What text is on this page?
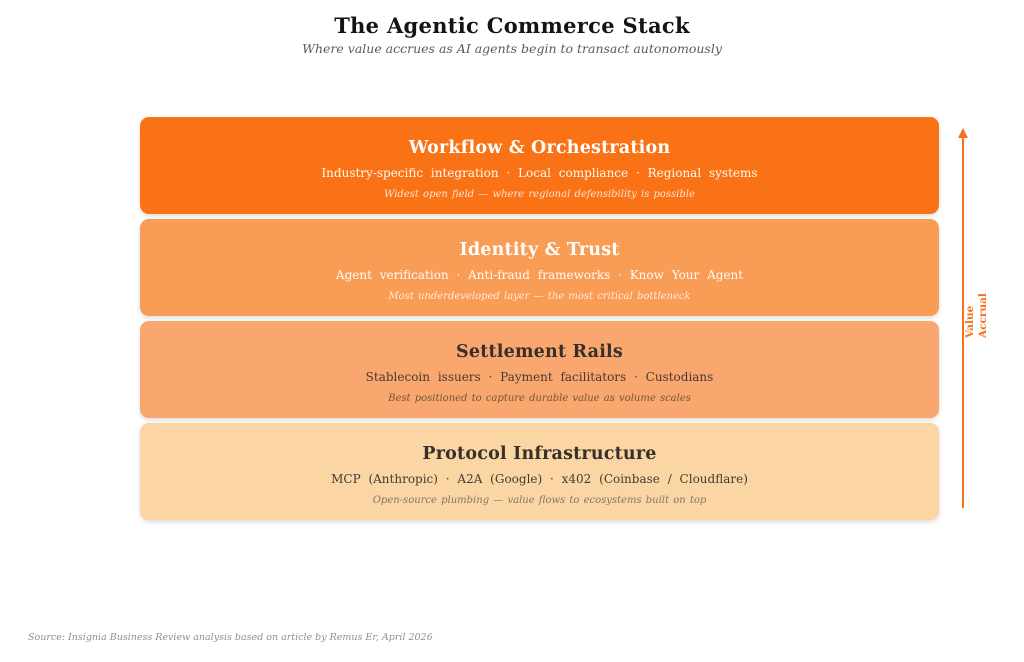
The Agentic Commerce Stack
Where value accrues as AI agents begin to transact autonomously
Workflow & Orchestration
Industry-specific integration · Local compliance · Regional systems
Widest open field — where regional defensibility is possible
Identity & Trust
Agent verification · Anti-fraud frameworks · Know Your Agent
Most underdeveloped layer — the most critical bottleneck
Settlement Rails
Stablecoin issuers · Payment facilitators · Custodians
Best positioned to capture durable value as volume scales
Protocol Infrastructure
MCP (Anthropic) · A2A (Google) · x402 (Coinbase / Cloudflare)
Open-source plumbing — value flows to ecosystems built on top
Value Accrual
Source: Insignia Business Review analysis based on article by Remus Er, April 2026
